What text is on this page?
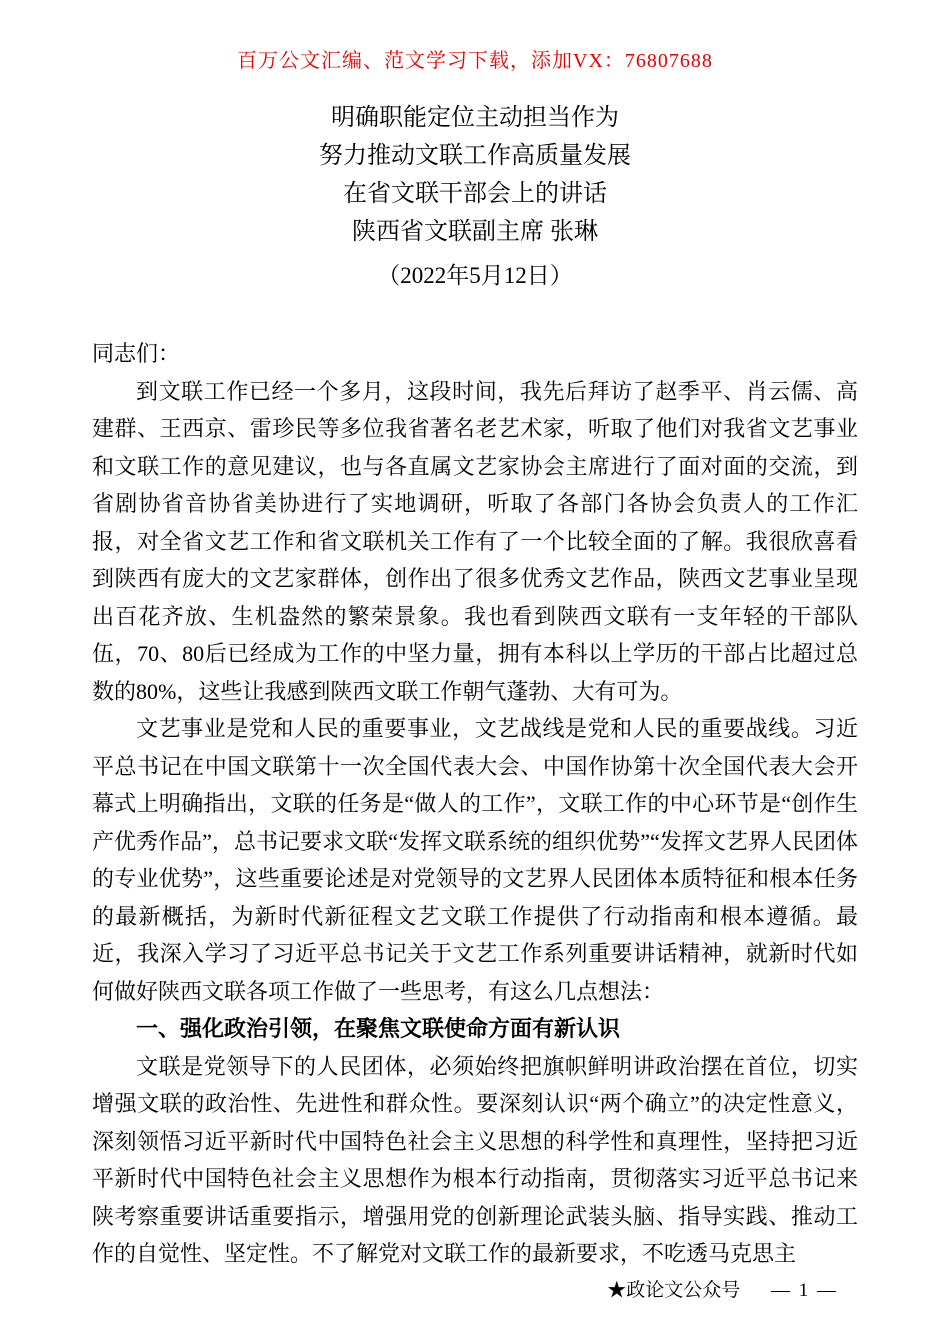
百万公文汇编、范文学习下载，添加VX：76807688
明确职能定位主动担当作为
努力推动文联工作高质量发展
在省文联干部会上的讲话
陕西省文联副主席 张琳
（2022年5月12日）

同志们：

到文联工作已经一个多月，这段时间，我先后拜访了赵季平、肖云儒、高建群、王西京、雷珍民等多位我省著名老艺术家，听取了他们对我省文艺事业和文联工作的意见建议，也与各直属文艺家协会主席进行了面对面的交流，到省剧协省音协省美协进行了实地调研，听取了各部门各协会负责人的工作汇报，对全省文艺工作和省文联机关工作有了一个比较全面的了解。我很欣喜看到陕西有庞大的文艺家群体，创作出了很多优秀文艺作品，陕西文艺事业呈现出百花齐放、生机盎然的繁荣景象。我也看到陕西文联有一支年轻的干部队伍，70、80后已经成为工作的中坚力量，拥有本科以上学历的干部占比超过总数的80%，这些让我感到陕西文联工作朝气蓬勃、大有可为。

文艺事业是党和人民的重要事业，文艺战线是党和人民的重要战线。习近平总书记在中国文联第十一次全国代表大会、中国作协第十次全国代表大会开幕式上明确指出，文联的任务是“做人的工作”，文联工作的中心环节是“创作生产优秀作品”，总书记要求文联“发挥文联系统的组织优势”“发挥文艺界人民团体的专业优势”，这些重要论述是对党领导的文艺界人民团体本质特征和根本任务的最新概括，为新时代新征程文艺文联工作提供了行动指南和根本遵循。最近，我深入学习了习近平总书记关于文艺工作系列重要讲话精神，就新时代如何做好陕西文联各项工作做了一些思考，有这么几点想法：

一、强化政治引领，在聚焦文联使命方面有新认识

文联是党领导下的人民团体，必须始终把旗帜鲜明讲政治摆在首位，切实增强文联的政治性、先进性和群众性。要深刻认识“两个确立”的决定性意义，深刻领悟习近平新时代中国特色社会主义思想的科学性和真理性，坚持把习近平新时代中国特色社会主义思想作为根本行动指南，贯彻落实习近平总书记来陕考察重要讲话重要指示，增强用党的创新理论武装头脑、指导实践、推动工作的自觉性、坚定性。不了解党对文联工作的最新要求，不吃透马克思主

★政论文公众号 — 1 —
